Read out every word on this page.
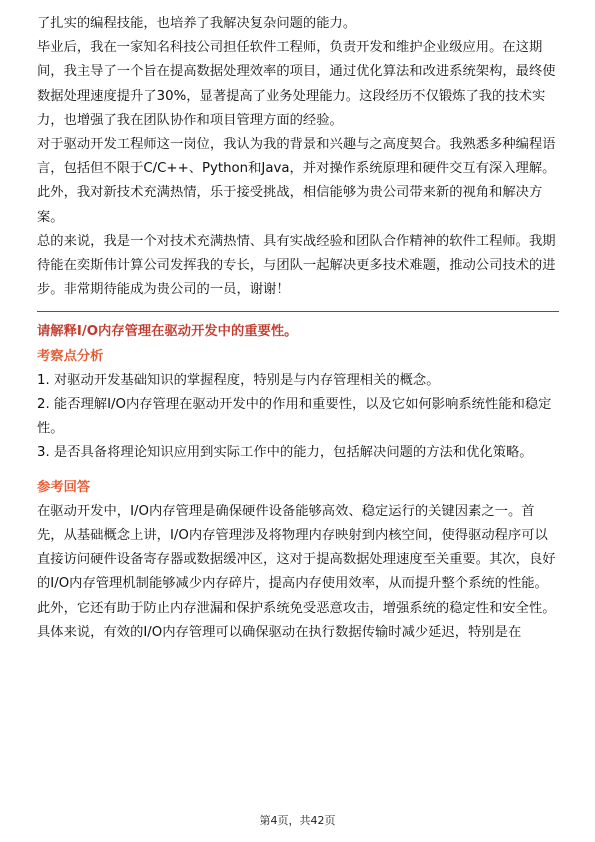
了扎实的编程技能，也培养了我解决复杂问题的能力。

毕业后，我在一家知名科技公司担任软件工程师，负责开发和维护企业级应用。在这期间，我主导了一个旨在提高数据处理效率的项目，通过优化算法和改进系统架构，最终使数据处理速度提升了30%，显著提高了业务处理能力。这段经历不仅锻炼了我的技术实力，也增强了我在团队协作和项目管理方面的经验。

对于驱动开发工程师这一岗位，我认为我的背景和兴趣与之高度契合。我熟悉多种编程语言，包括但不限于C/C++、Python和Java，并对操作系统原理和硬件交互有深入理解。此外，我对新技术充满热情，乐于接受挑战，相信能够为贵公司带来新的视角和解决方案。

总的来说，我是一个对技术充满热情、具有实战经验和团队合作精神的软件工程师。我期待能在奕斯伟计算公司发挥我的专长，与团队一起解决更多技术难题，推动公司技术的进步。非常期待能成为贵公司的一员，谢谢！

请解释I/O内存管理在驱动开发中的重要性。

考察点分析

1. 对驱动开发基础知识的掌握程度，特别是与内存管理相关的概念。

2. 能否理解I/O内存管理在驱动开发中的作用和重要性，以及它如何影响系统性能和稳定性。

3. 是否具备将理论知识应用到实际工作中的能力，包括解决问题的方法和优化策略。

参考回答

在驱动开发中，I/O内存管理是确保硬件设备能够高效、稳定运行的关键因素之一。首先，从基础概念上讲，I/O内存管理涉及将物理内存映射到内核空间，使得驱动程序可以直接访问硬件设备寄存器或数据缓冲区，这对于提高数据处理速度至关重要。其次，良好的I/O内存管理机制能够减少内存碎片，提高内存使用效率，从而提升整个系统的性能。此外，它还有助于防止内存泄漏和保护系统免受恶意攻击，增强系统的稳定性和安全性。

具体来说，有效的I/O内存管理可以确保驱动在执行数据传输时减少延迟，特别是在

第4页，共42页
